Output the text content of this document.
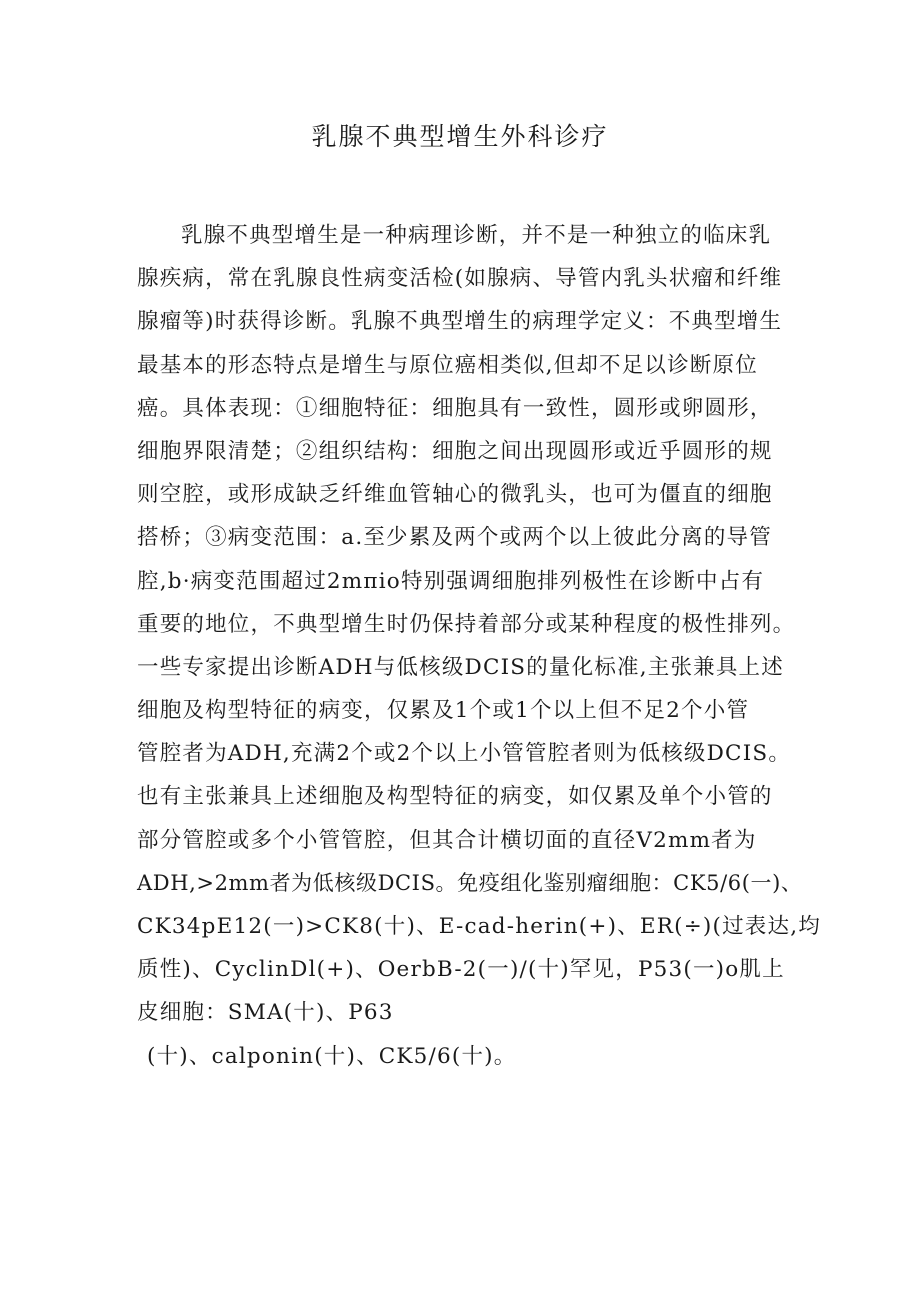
乳腺不典型增生外科诊疗
乳腺不典型增生是一种病理诊断，并不是一种独立的临床乳
腺疾病，常在乳腺良性病变活检(如腺病、导管内乳头状瘤和纤维
腺瘤等)时获得诊断。乳腺不典型增生的病理学定义：不典型增生
最基本的形态特点是增生与原位癌相类似,但却不足以诊断原位
癌。具体表现：①细胞特征：细胞具有一致性，圆形或卵圆形，
细胞界限清楚；②组织结构：细胞之间出现圆形或近乎圆形的规
则空腔，或形成缺乏纤维血管轴心的微乳头，也可为僵直的细胞
搭桥；③病变范围：a.至少累及两个或两个以上彼此分离的导管
腔,b·病变范围超过2mπio特别强调细胞排列极性在诊断中占有
重要的地位，不典型增生时仍保持着部分或某种程度的极性排列。
一些专家提出诊断ADH与低核级DCIS的量化标准,主张兼具上述
细胞及构型特征的病变，仅累及1个或1个以上但不足2个小管
管腔者为ADH,充满2个或2个以上小管管腔者则为低核级DCIS。
也有主张兼具上述细胞及构型特征的病变，如仅累及单个小管的
部分管腔或多个小管管腔，但其合计横切面的直径V2mm者为
ADH,>2mm者为低核级DCIS。免疫组化鉴别瘤细胞：CK5/6(一)、
CK34pE12(一)>CK8(十)、E-cad-herin(+)、ER(÷)(过表达,均
质性)、CyclinDl(+)、OerbB-2(一)/(十)罕见，P53(一)o肌上
皮细胞：SMA(十)、P63
(十)、calponin(十)、CK5/6(十)。
